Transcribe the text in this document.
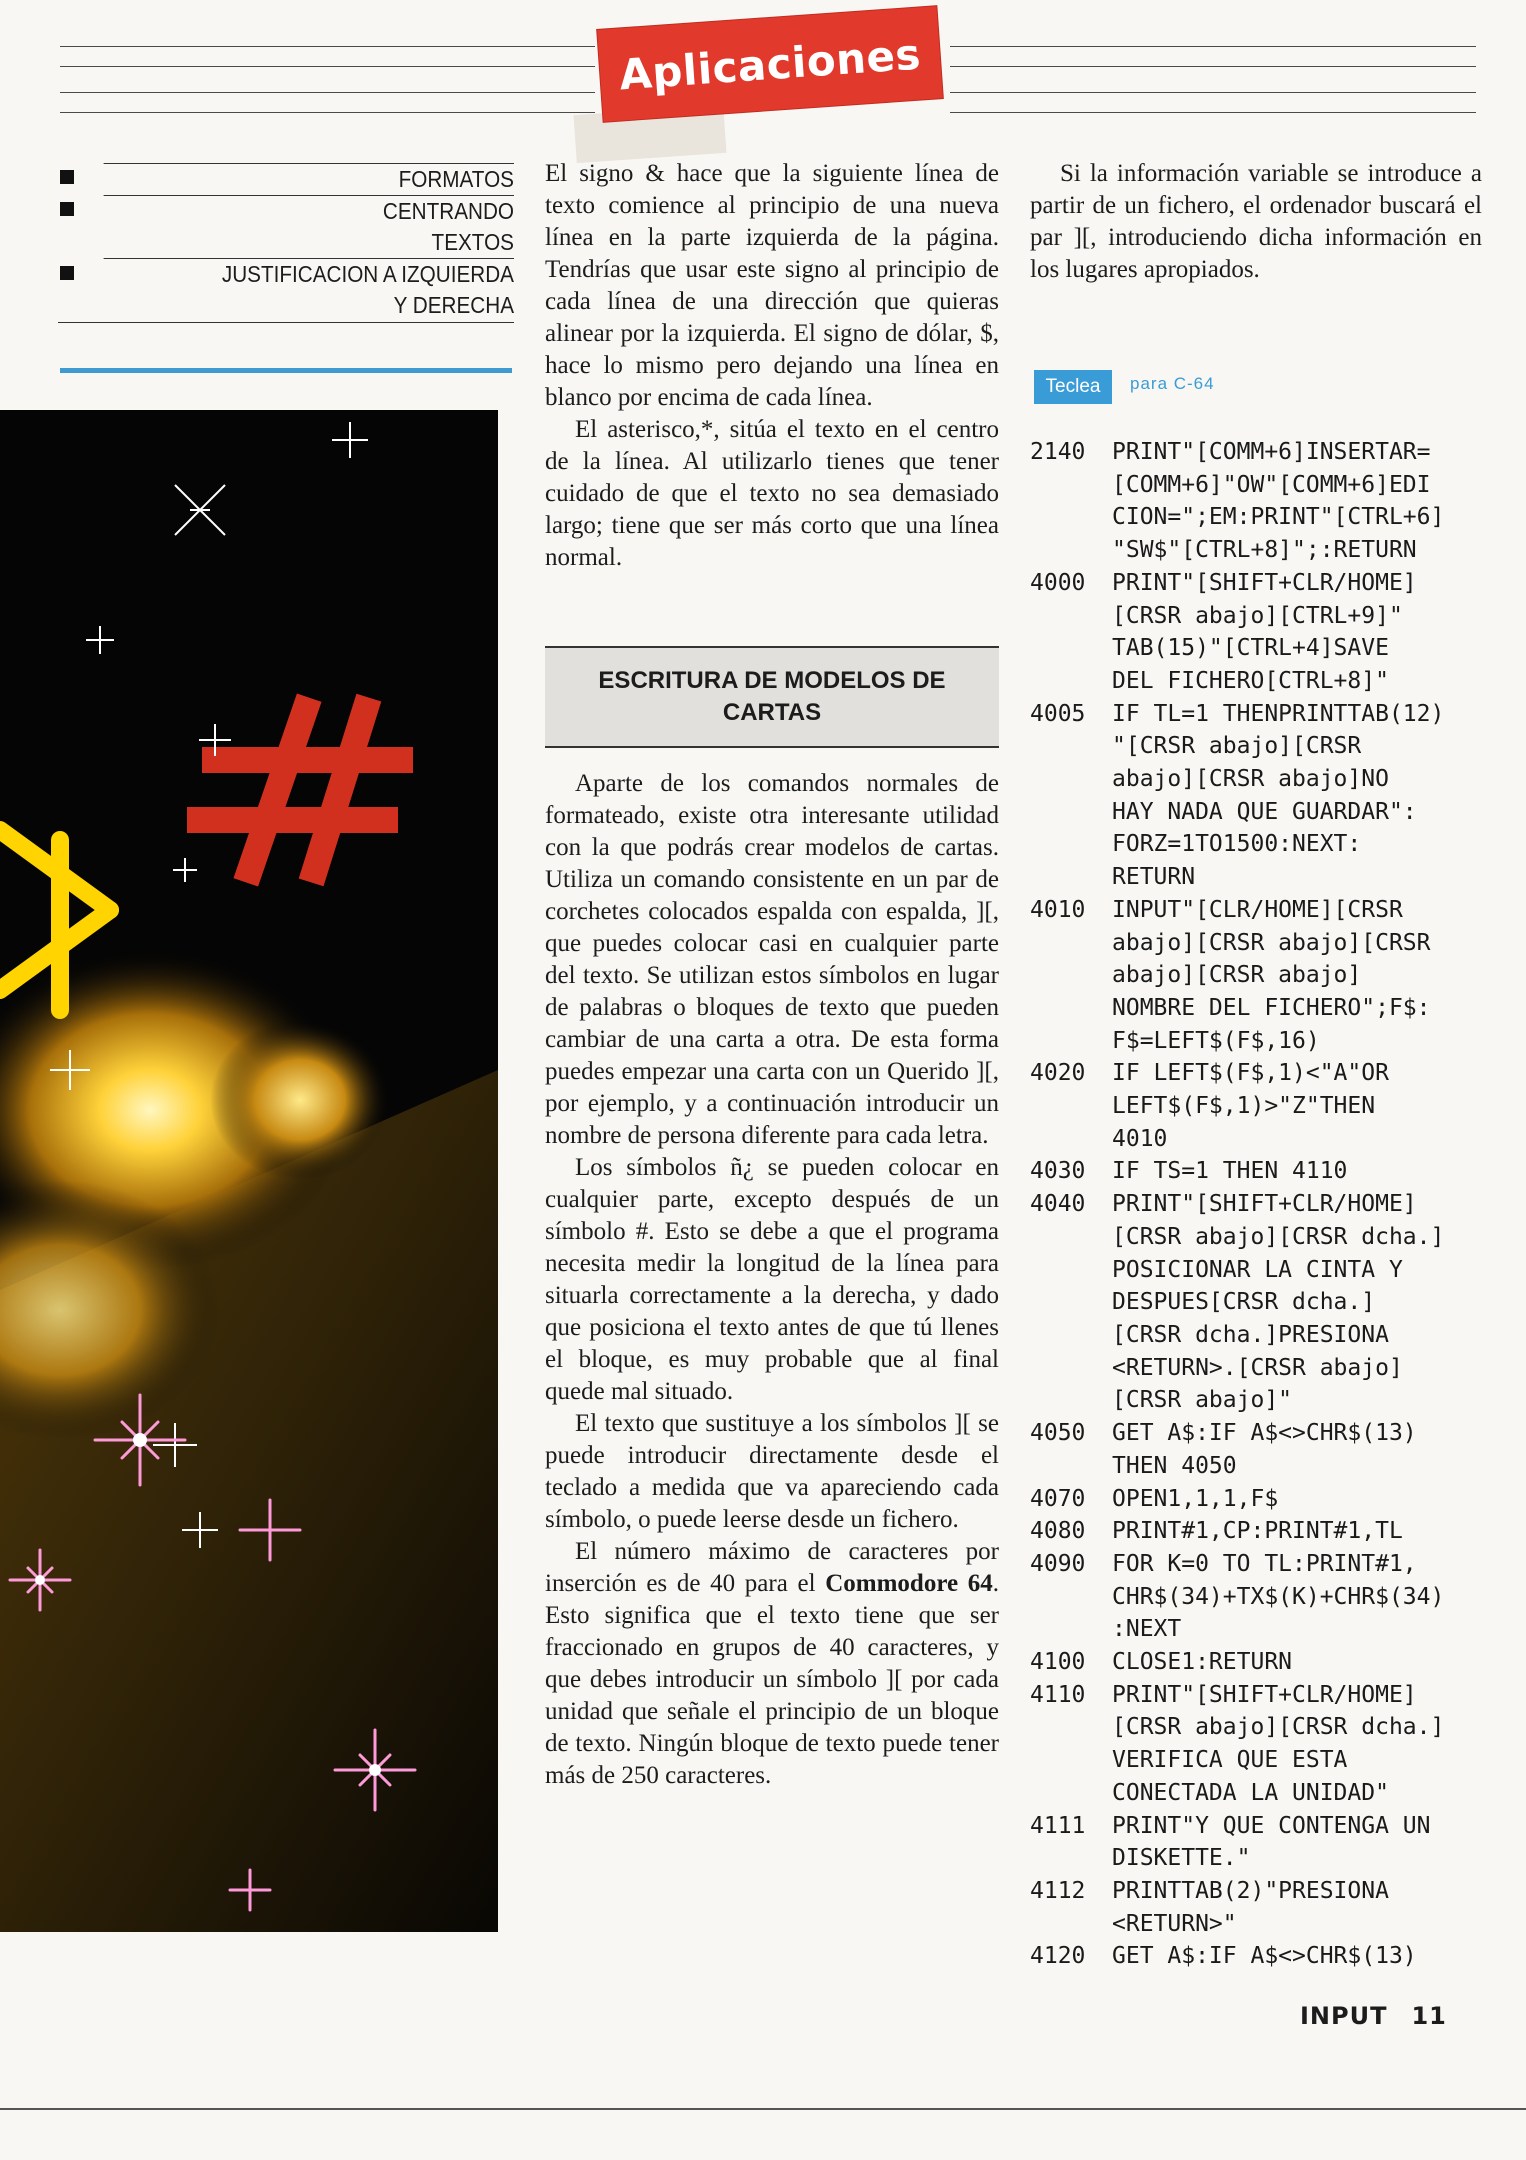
Aplicaciones
FORMATOS
CENTRANDO
TEXTOS
JUSTIFICACION A IZQUIERDA
Y DERECHA

El signo & hace que la siguiente línea de texto comience al principio de una nueva línea en la parte izquierda de la página. Tendrías que usar este signo al principio de cada línea de una dirección que quieras alinear por la izquierda. El signo de dólar, $, hace lo mismo pero dejando una línea en blanco por encima de cada línea.

El asterisco,*, sitúa el texto en el centro de la línea. Al utilizarlo tienes que tener cuidado de que el texto no sea demasiado largo; tiene que ser más corto que una línea normal.

ESCRITURA DE MODELOS DE
CARTAS

Aparte de los comandos normales de formateado, existe otra interesante utilidad con la que podrás crear modelos de cartas. Utiliza un comando consistente en un par de corchetes colocados espalda con espalda, ][, que puedes colocar casi en cualquier parte del texto. Se utilizan estos símbolos en lugar de palabras o bloques de texto que pueden cambiar de una carta a otra. De esta forma puedes empezar una carta con un Querido ][, por ejemplo, y a continuación introducir un nombre de persona diferente para cada letra.

Los símbolos ñ¿ se pueden colocar en cualquier parte, excepto después de un símbolo #. Esto se debe a que el programa necesita medir la longitud de la línea para situarla correctamente a la derecha, y dado que posiciona el texto antes de que tú llenes el bloque, es muy probable que al final quede mal situado.

El texto que sustituye a los símbolos ][ se puede introducir directamente desde el teclado a medida que va apareciendo cada símbolo, o puede leerse desde un fichero.

El número máximo de caracteres por inserción es de 40 para el Commodore 64. Esto significa que el texto tiene que ser fraccionado en grupos de 40 caracteres, y que debes introducir un símbolo ][ por cada unidad que señale el principio de un bloque de texto. Ningún bloque de texto puede tener más de 250 caracteres.

Si la información variable se introduce a partir de un fichero, el ordenador buscará el par ][, introduciendo dicha información en los lugares apropiados.

Teclea	para C-64
2140	PRINT"[COMM+6]INSERTAR=
[COMM+6]"OW"[COMM+6]EDI
CION=";EM:PRINT"[CTRL+6]
"SW$"[CTRL+8]";:RETURN
4000	PRINT"[SHIFT+CLR/HOME]
[CRSR abajo][CTRL+9]"
TAB(15)"[CTRL+4]SAVE
DEL FICHERO[CTRL+8]"
4005	IF TL=1 THENPRINTTAB(12)
"[CRSR abajo][CRSR
abajo][CRSR abajo]NO
HAY NADA QUE GUARDAR":
FORZ=1TO1500:NEXT:
RETURN
4010	INPUT"[CLR/HOME][CRSR
abajo][CRSR abajo][CRSR
abajo][CRSR abajo]
NOMBRE DEL FICHERO";F$:
F$=LEFT$(F$,16)
4020	IF LEFT$(F$,1)<"A"OR
LEFT$(F$,1)>"Z"THEN
4010
4030	IF TS=1 THEN 4110
4040	PRINT"[SHIFT+CLR/HOME]
[CRSR abajo][CRSR dcha.]
POSICIONAR LA CINTA Y
DESPUES[CRSR dcha.]
[CRSR dcha.]PRESIONA
<RETURN>.[CRSR abajo]
[CRSR abajo]"
4050	GET A$:IF A$<>CHR$(13)
THEN 4050
4070	OPEN1,1,1,F$
4080	PRINT#1,CP:PRINT#1,TL
4090	FOR K=0 TO TL:PRINT#1,
CHR$(34)+TX$(K)+CHR$(34)
:NEXT
4100	CLOSE1:RETURN
4110	PRINT"[SHIFT+CLR/HOME]
[CRSR abajo][CRSR dcha.]
VERIFICA QUE ESTA
CONECTADA LA UNIDAD"
4111	PRINT"Y QUE CONTENGA UN
DISKETTE."
4112	PRINTTAB(2)"PRESIONA
<RETURN>"
4120	GET A$:IF A$<>CHR$(13)
INPUT 11
